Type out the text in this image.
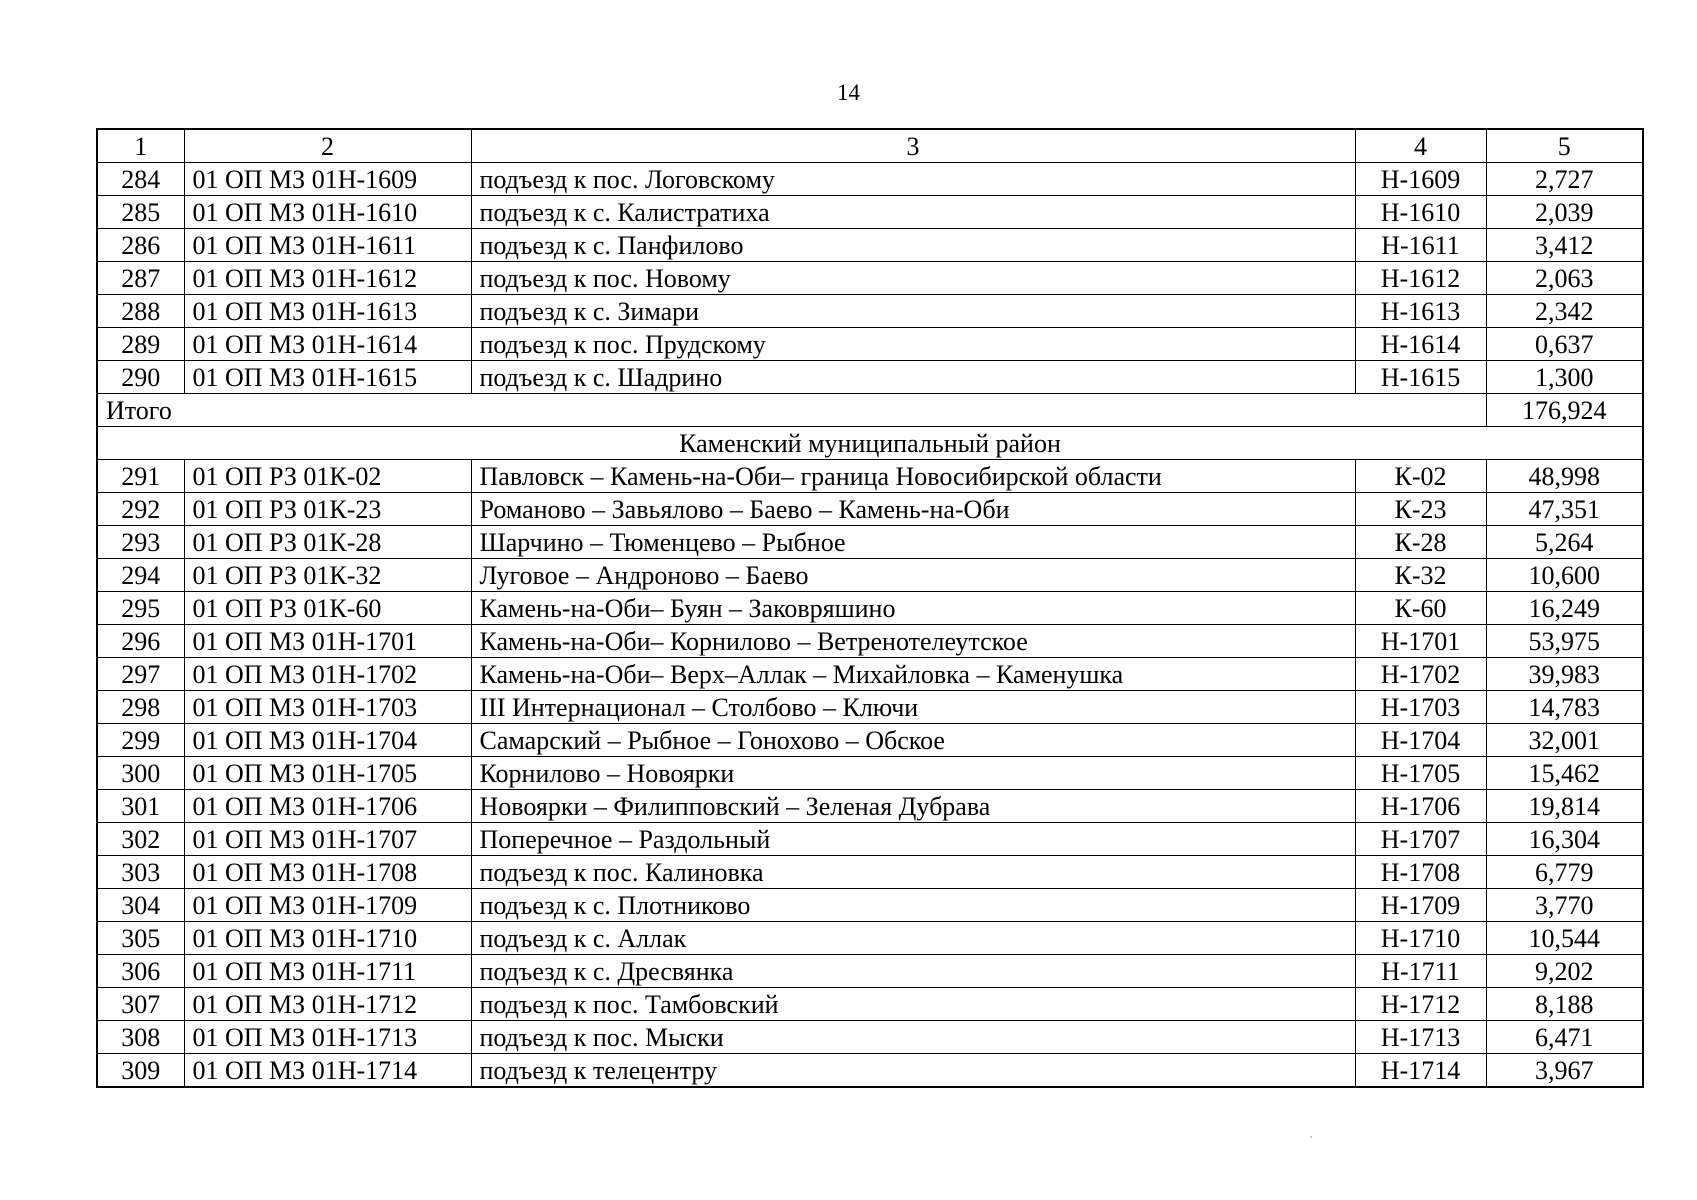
14
1	2	3	4	5
284	01 ОП МЗ 01Н-1609	подъезд к пос. Логовскому	Н-1609	2,727
285	01 ОП МЗ 01Н-1610	подъезд к с. Калистратиха	Н-1610	2,039
286	01 ОП МЗ 01Н-1611	подъезд к с. Панфилово	Н-1611	3,412
287	01 ОП МЗ 01Н-1612	подъезд к пос. Новому	Н-1612	2,063
288	01 ОП МЗ 01Н-1613	подъезд к с. Зимари	Н-1613	2,342
289	01 ОП МЗ 01Н-1614	подъезд к пос. Прудскому	Н-1614	0,637
290	01 ОП МЗ 01Н-1615	подъезд к с. Шадрино	Н-1615	1,300
Итого				176,924
Каменский муниципальный район				
291	01 ОП РЗ 01К-02	Павловск – Камень-на-Оби– граница Новосибирской области	К-02	48,998
292	01 ОП РЗ 01К-23	Романово – Завьялово – Баево – Камень-на-Оби	К-23	47,351
293	01 ОП РЗ 01К-28	Шарчино – Тюменцево – Рыбное	К-28	5,264
294	01 ОП РЗ 01К-32	Луговое – Андроново – Баево	К-32	10,600
295	01 ОП РЗ 01К-60	Камень-на-Оби– Буян – Заковряшино	К-60	16,249
296	01 ОП МЗ 01Н-1701	Камень-на-Оби– Корнилово – Ветренотелеутское	Н-1701	53,975
297	01 ОП МЗ 01Н-1702	Камень-на-Оби– Верх–Аллак – Михайловка – Каменушка	Н-1702	39,983
298	01 ОП МЗ 01Н-1703	III Интернационал – Столбово – Ключи	Н-1703	14,783
299	01 ОП МЗ 01Н-1704	Самарский – Рыбное – Гонохово – Обское	Н-1704	32,001
300	01 ОП МЗ 01Н-1705	Корнилово – Новоярки	Н-1705	15,462
301	01 ОП МЗ 01Н-1706	Новоярки – Филипповский – Зеленая Дубрава	Н-1706	19,814
302	01 ОП МЗ 01Н-1707	Поперечное – Раздольный	Н-1707	16,304
303	01 ОП МЗ 01Н-1708	подъезд к пос. Калиновка	Н-1708	6,779
304	01 ОП МЗ 01Н-1709	подъезд к с. Плотниково	Н-1709	3,770
305	01 ОП МЗ 01Н-1710	подъезд к с. Аллак	Н-1710	10,544
306	01 ОП МЗ 01Н-1711	подъезд к с. Дресвянка	Н-1711	9,202
307	01 ОП МЗ 01Н-1712	подъезд к пос. Тамбовский	Н-1712	8,188
308	01 ОП МЗ 01Н-1713	подъезд к пос. Мыски	Н-1713	6,471
309	01 ОП МЗ 01Н-1714	подъезд к телецентру	Н-1714	3,967
